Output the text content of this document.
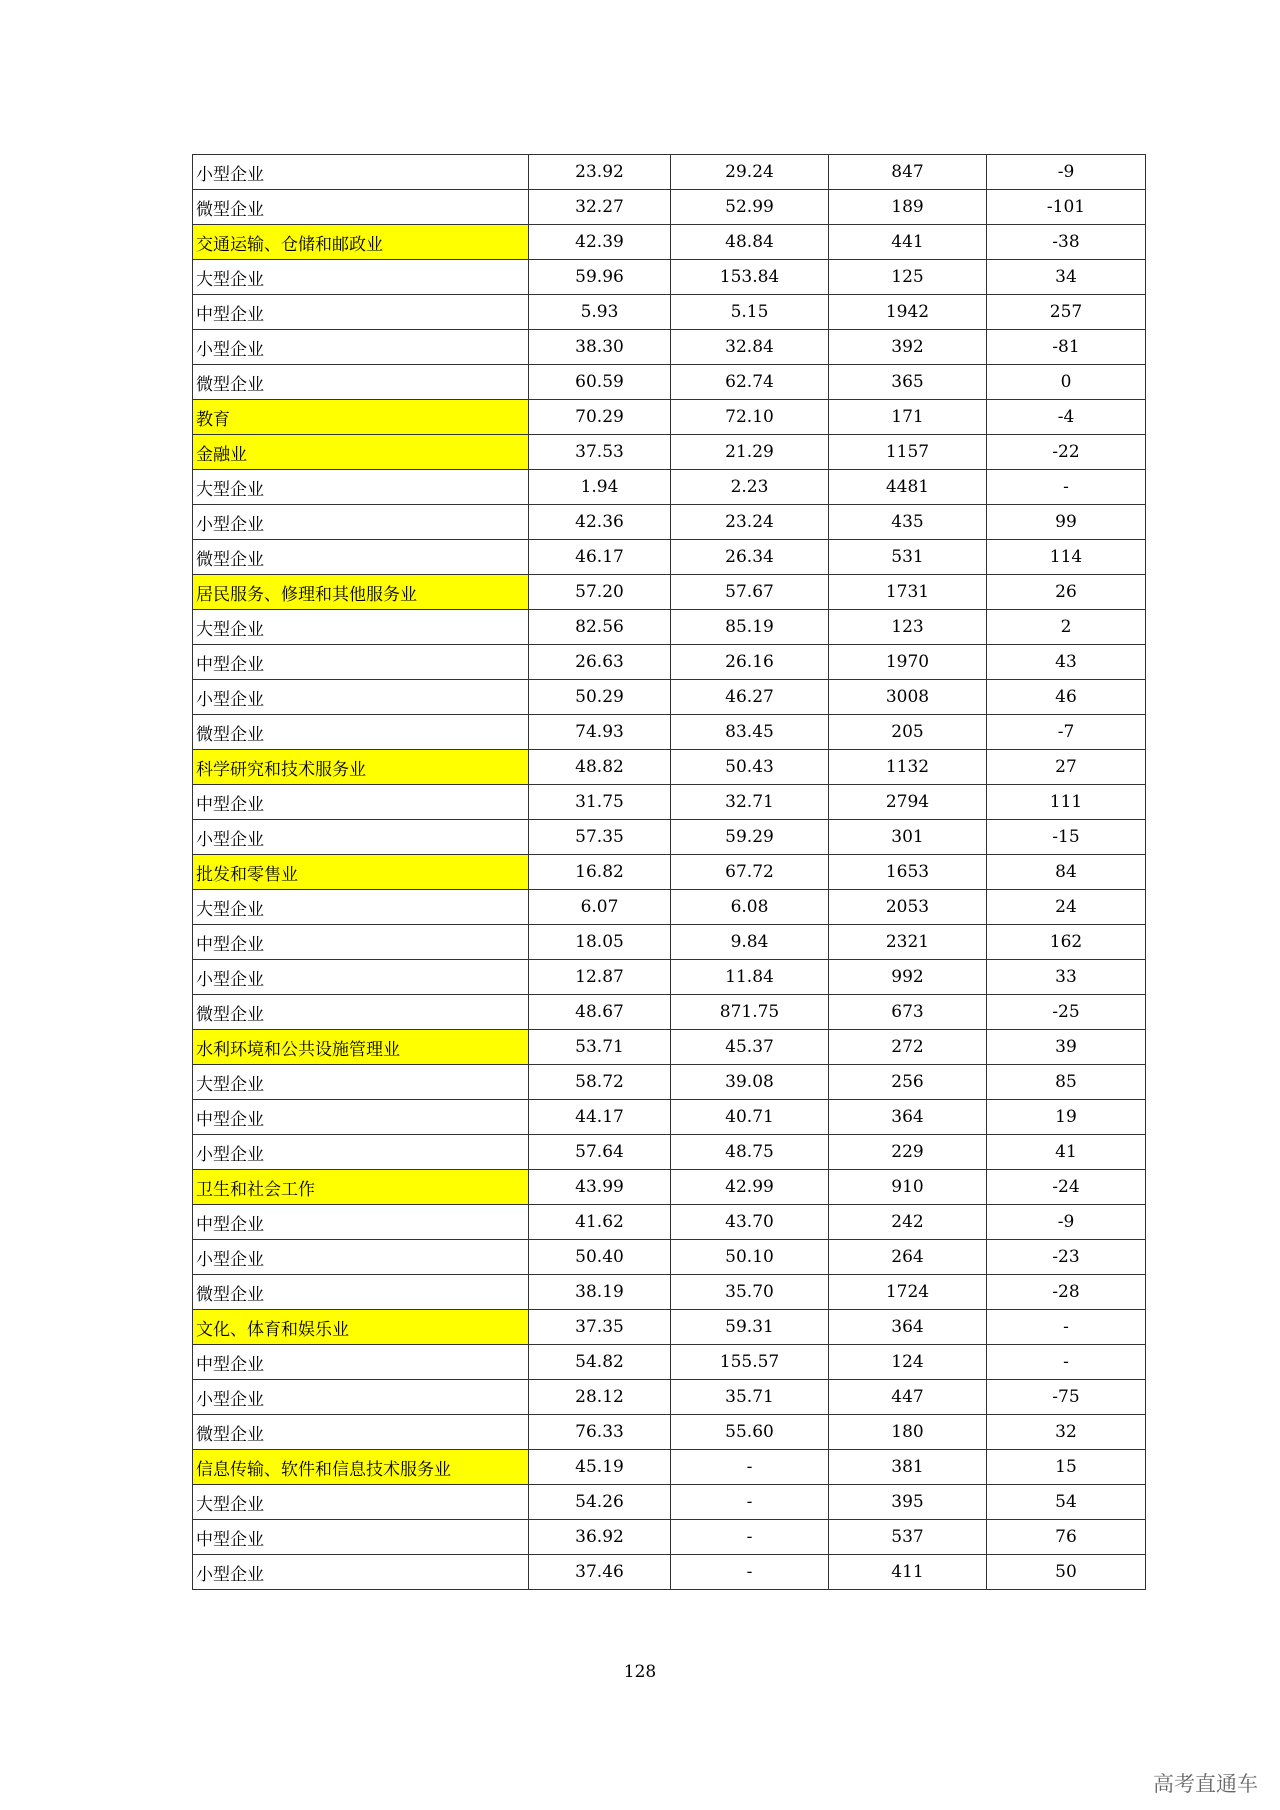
小型企业	23.92	29.24	847	-9
微型企业	32.27	52.99	189	-101
交通运输、仓储和邮政业	42.39	48.84	441	-38
大型企业	59.96	153.84	125	34
中型企业	5.93	5.15	1942	257
小型企业	38.30	32.84	392	-81
微型企业	60.59	62.74	365	0
教育	70.29	72.10	171	-4
金融业	37.53	21.29	1157	-22
大型企业	1.94	2.23	4481	-
小型企业	42.36	23.24	435	99
微型企业	46.17	26.34	531	114
居民服务、修理和其他服务业	57.20	57.67	1731	26
大型企业	82.56	85.19	123	2
中型企业	26.63	26.16	1970	43
小型企业	50.29	46.27	3008	46
微型企业	74.93	83.45	205	-7
科学研究和技术服务业	48.82	50.43	1132	27
中型企业	31.75	32.71	2794	111
小型企业	57.35	59.29	301	-15
批发和零售业	16.82	67.72	1653	84
大型企业	6.07	6.08	2053	24
中型企业	18.05	9.84	2321	162
小型企业	12.87	11.84	992	33
微型企业	48.67	871.75	673	-25
水利环境和公共设施管理业	53.71	45.37	272	39
大型企业	58.72	39.08	256	85
中型企业	44.17	40.71	364	19
小型企业	57.64	48.75	229	41
卫生和社会工作	43.99	42.99	910	-24
中型企业	41.62	43.70	242	-9
小型企业	50.40	50.10	264	-23
微型企业	38.19	35.70	1724	-28
文化、体育和娱乐业	37.35	59.31	364	-
中型企业	54.82	155.57	124	-
小型企业	28.12	35.71	447	-75
微型企业	76.33	55.60	180	32
信息传输、软件和信息技术服务业	45.19	-	381	15
大型企业	54.26	-	395	54
中型企业	36.92	-	537	76
小型企业	37.46	-	411	50
128
高考直通车
